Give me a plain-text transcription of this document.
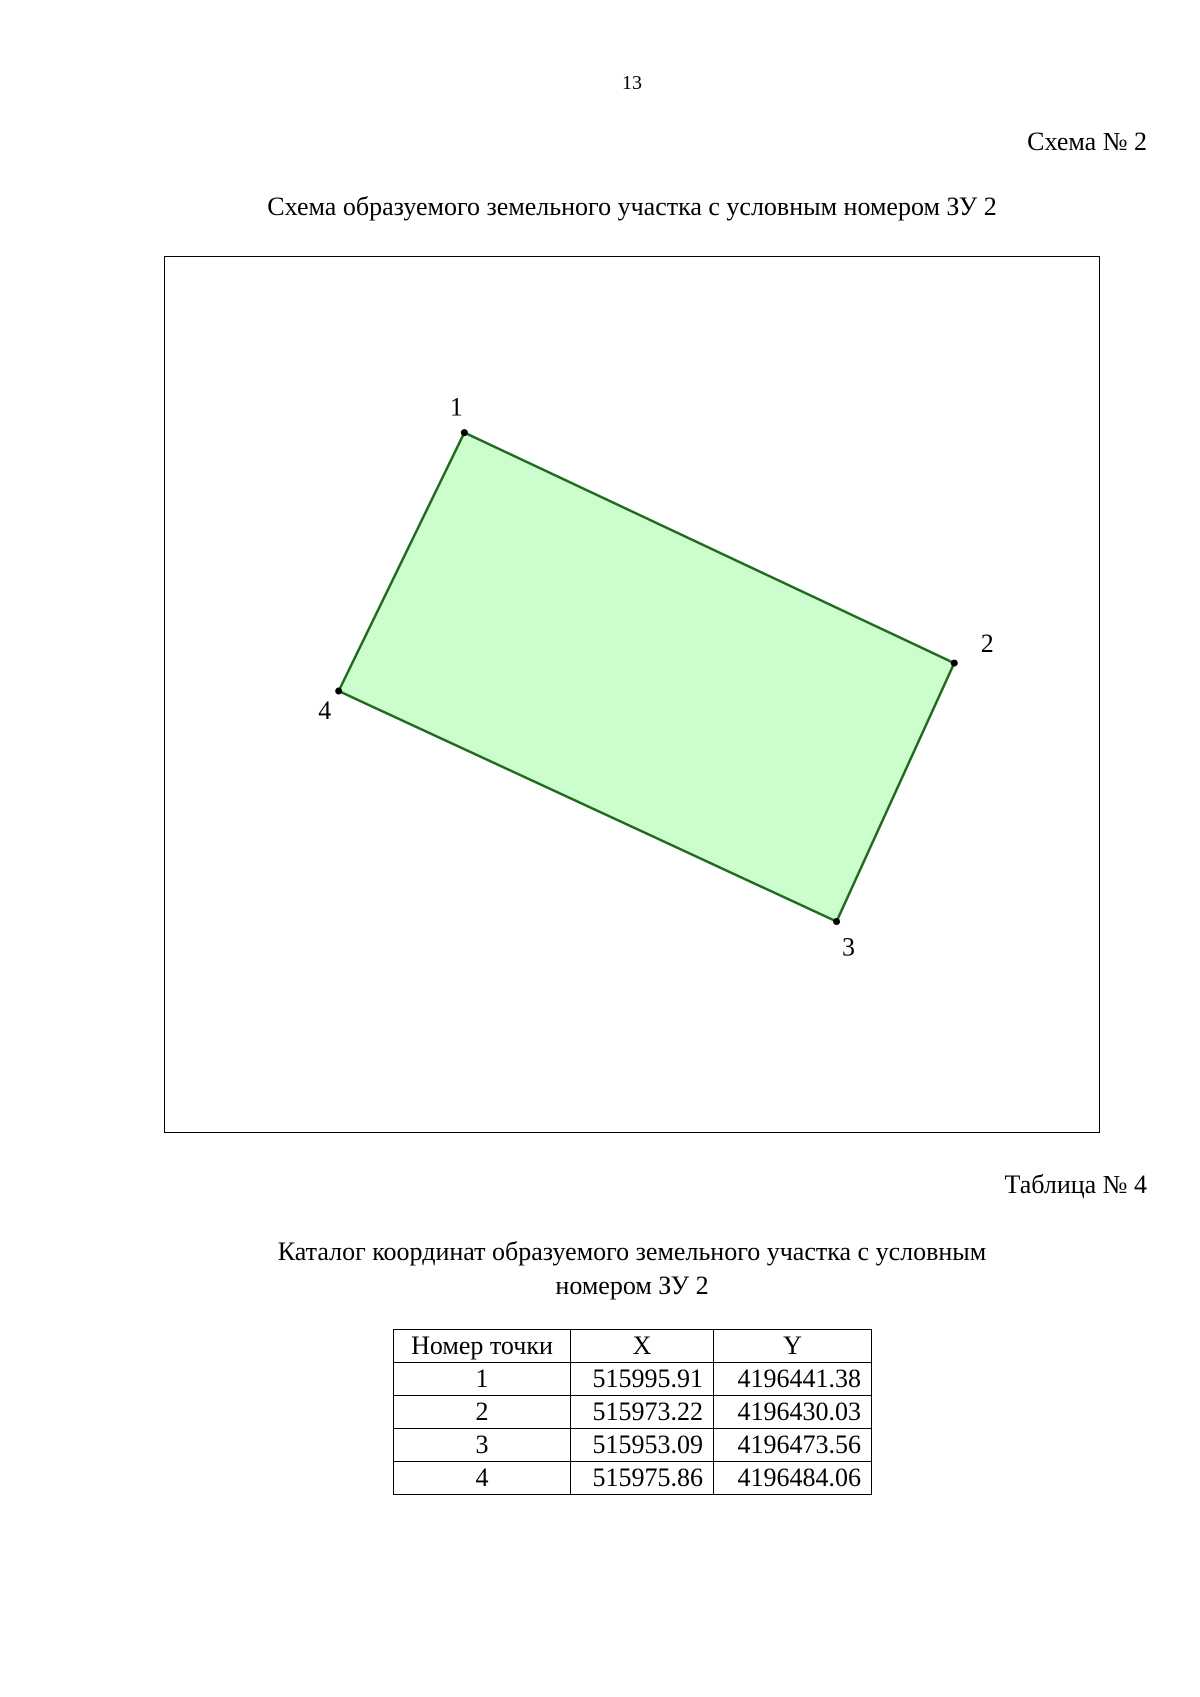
13
Схема № 2
Схема образуемого земельного участка с условным номером ЗУ 2
1
2
3
4
Таблица № 4
Каталог координат образуемого земельного участка с условным
номером ЗУ 2
Номер точки	X	Y
1	515995.91	4196441.38
2	515973.22	4196430.03
3	515953.09	4196473.56
4	515975.86	4196484.06
